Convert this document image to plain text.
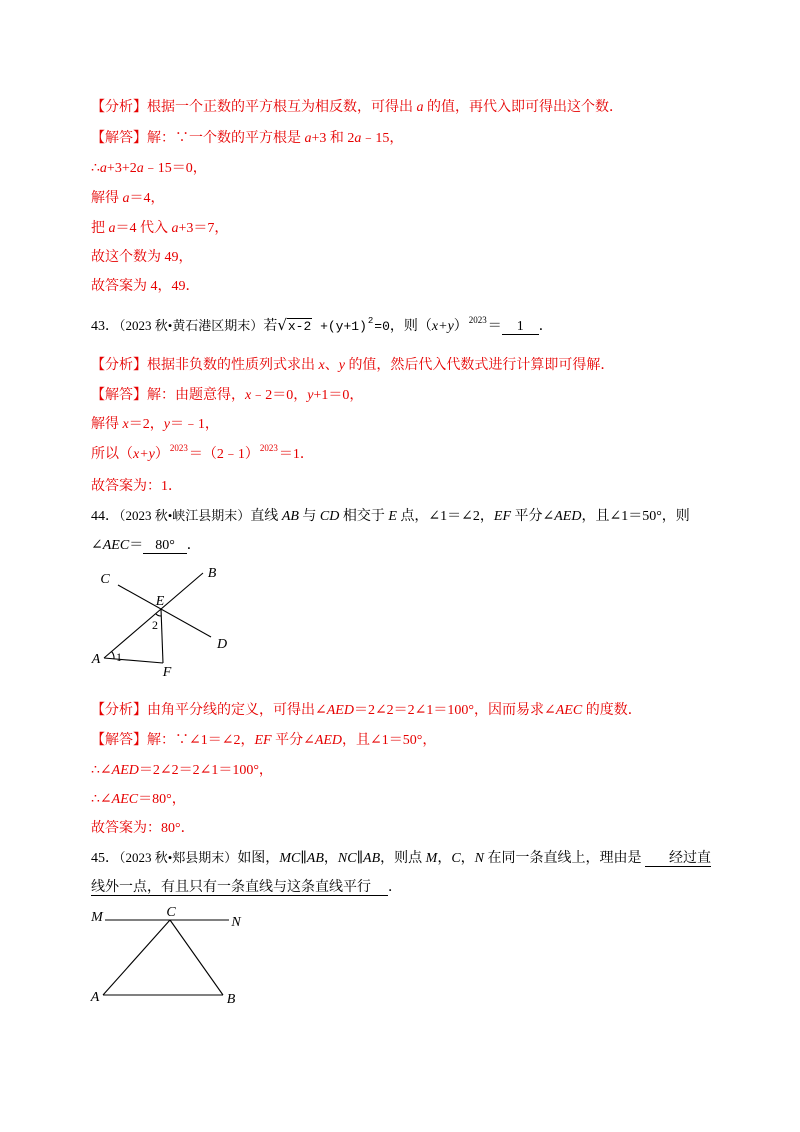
【分析】根据一个正数的平方根互为相反数，可得出 a 的值，再代入即可得出这个数．
【解答】解：∵一个数的平方根是 a+3 和 2a﹣15，
∴a+3+2a﹣15＝0，
解得 a＝4，
把 a＝4 代入 a+3＝7，
故这个数为 49，
故答案为 4，49．
43．（2023 秋•黄石港区期末）若$√x-2 +(y+1)^2=0$，则$(x+y)^{2023}= 1$ ．
【分析】根据非负数的性质列式求出 x、y 的值，然后代入代数式进行计算即可得解．
【解答】解：由题意得，x﹣2＝0，y+1＝0，
解得 x＝2，y＝﹣1，
所以$(x+y)^{2023}=(2﹣1)^{2023}=1$．
故答案为：1．
44．（2023 秋•峡江县期末）直线 AB 与 CD 相交于 E 点，∠1＝∠2，EF 平分∠AED，且∠1＝50°，则
∠AEC＝ 80° ．
C	B
E
D
A
F
1
2
【分析】由角平分线的定义，可得出∠AED＝2∠2＝2∠1＝100°，因而易求∠AEC 的度数．
【解答】解：∵∠1＝∠2，EF 平分∠AED，且∠1＝50°，
∴∠AED＝2∠2＝2∠1＝100°，
∴∠AEC＝80°，
故答案为：80°．
45．（2023 秋•郏县期末）如图，MC∥AB，NC∥AB，则点 M，C，N 在同一条直线上，理由是 经过直
线外一点，有且只有一条直线与这条直线平行 ．
M	C
N
A	B
